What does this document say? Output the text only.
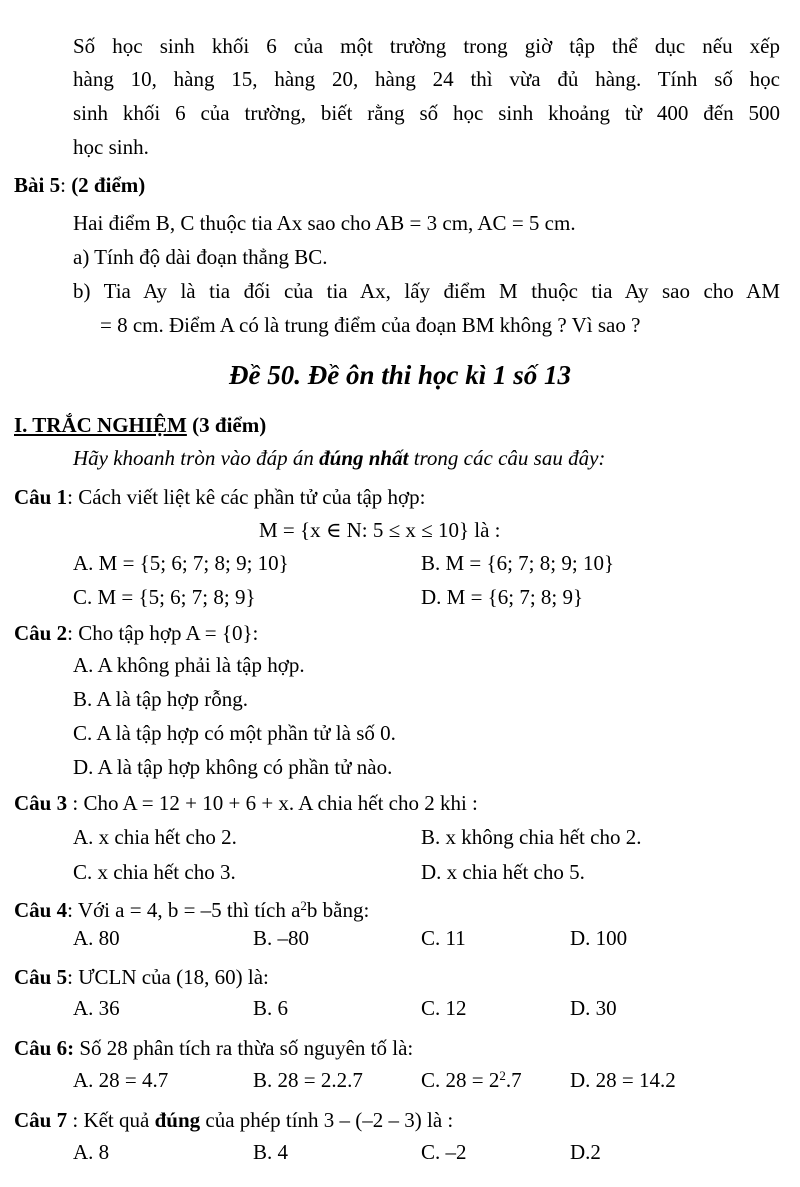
Số học sinh khối 6 của một trường trong giờ tập thể dục nếu xếp
hàng 10, hàng 15, hàng 20, hàng 24 thì vừa đủ hàng. Tính số học
sinh khối 6 của trường, biết rằng số học sinh khoảng từ 400 đến 500
học sinh.
Bài 5: (2 điểm)
Hai điểm B, C thuộc tia Ax sao cho AB = 3 cm, AC = 5 cm.
a) Tính độ dài đoạn thẳng BC.
b) Tia Ay là tia đối của tia Ax, lấy điểm M thuộc tia Ay sao cho AM
= 8 cm. Điểm A có là trung điểm của đoạn BM không ? Vì sao ?
Đề 50. Đề ôn thi học kì 1 số 13
I. TRẮC NGHIỆM (3 điểm)
Hãy khoanh tròn vào đáp án đúng nhất trong các câu sau đây:
Câu 1: Cách viết liệt kê các phần tử của tập hợp:
M = {x ∈ N: 5 ≤ x ≤ 10} là :
A. M = {5; 6; 7; 8; 9; 10}	B. M = {6; 7; 8; 9; 10}
C. M = {5; 6; 7; 8; 9}	D. M = {6; 7; 8; 9}
Câu 2: Cho tập hợp A = {0}:
A. A không phải là tập hợp.
B. A là tập hợp rỗng.
C. A là tập hợp có một phần tử là số 0.
D. A là tập hợp không có phần tử nào.
Câu 3 : Cho A = 12 + 10 + 6 + x. A chia hết cho 2 khi :
A. x chia hết cho 2.	B. x không chia hết cho 2.
C. x chia hết cho 3.	D. x chia hết cho 5.
Câu 4: Với a = 4, b = –5 thì tích $a^2b$ bằng:
A. 80	B. –80	C. 11	D. 100
Câu 5: ƯCLN của (18, 60) là:
A. 36	B. 6	C. 12	D. 30
Câu 6: Số 28 phân tích ra thừa số nguyên tố là:
A. 28 = 4.7	B. 28 = 2.2.7	C. $28 = 2^2.7$ D. 28 = 14.2
Câu 7 : Kết quả đúng của phép tính 3 – (–2 – 3) là :
A. 8	B. 4	C. –2	D.2
